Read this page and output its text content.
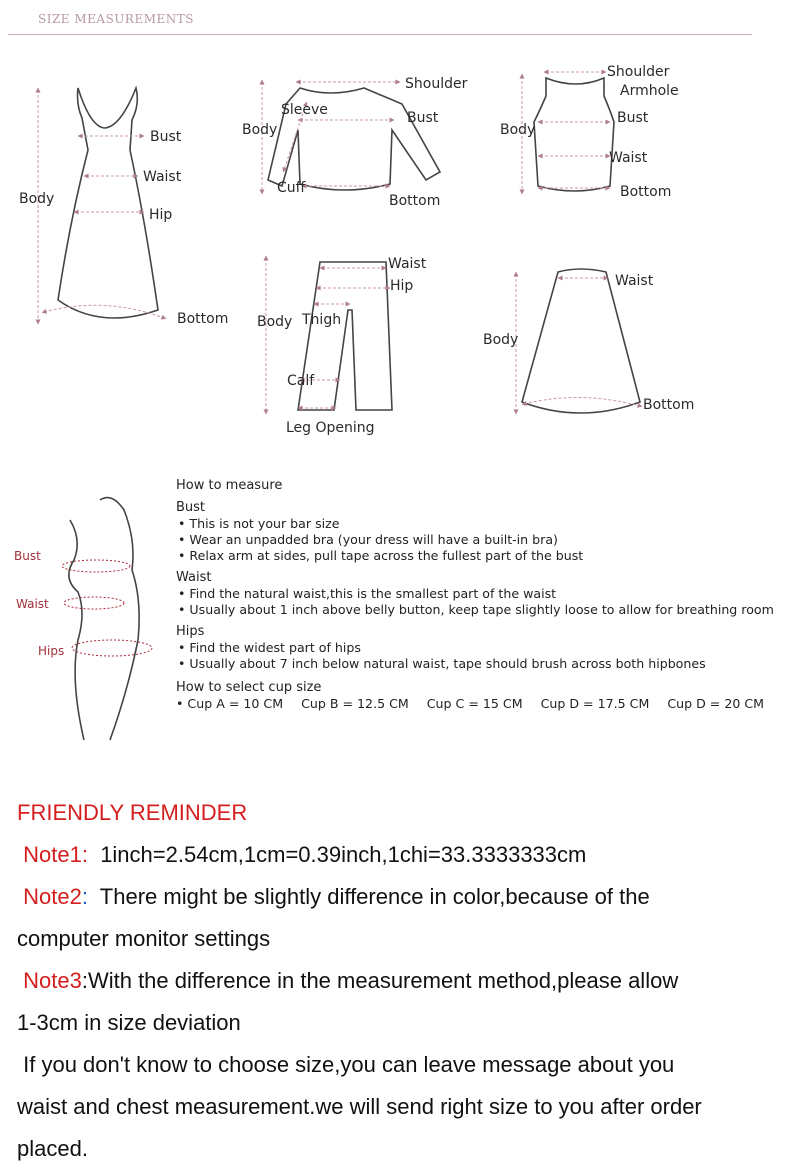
SIZE MEASUREMENTS
Body
Bust
Waist
Hip
Bottom
Shoulder
Sleeve
Body
Bust
Cuff
Bottom
Shoulder
Armhole
Body
Bust
Waist
Bottom
Waist
Hip
Body Thigh
Calf
Leg Opening
Waist
Body
Bottom
Bust
Waist
Hips
How to measure
Bust
• This is not your bar size
• Wear an unpadded bra (your dress will have a built-in bra)
• Relax arm at sides, pull tape across the fullest part of the bust
Waist
• Find the natural waist,this is the smallest part of the waist
• Usually about 1 inch above belly button, keep tape slightly loose to allow for breathing room
Hips
• Find the widest part of hips
• Usually about 7 inch below natural waist, tape should brush across both hipbones
How to select cup size
• Cup A = 10 CM Cup B = 12.5 CM Cup C = 15 CM Cup D = 17.5 CM Cup D = 20 CM
FRIENDLY REMINDER

Note1: 1inch=2.54cm,1cm=0.39inch,1chi=33.3333333cm

Note2: There might be slightly difference in color,because of the

computer monitor settings

Note3:With the difference in the measurement method,please allow

1-3cm in size deviation

If you don't know to choose size,you can leave message about you

waist and chest measurement.we will send right size to you after order

placed.
